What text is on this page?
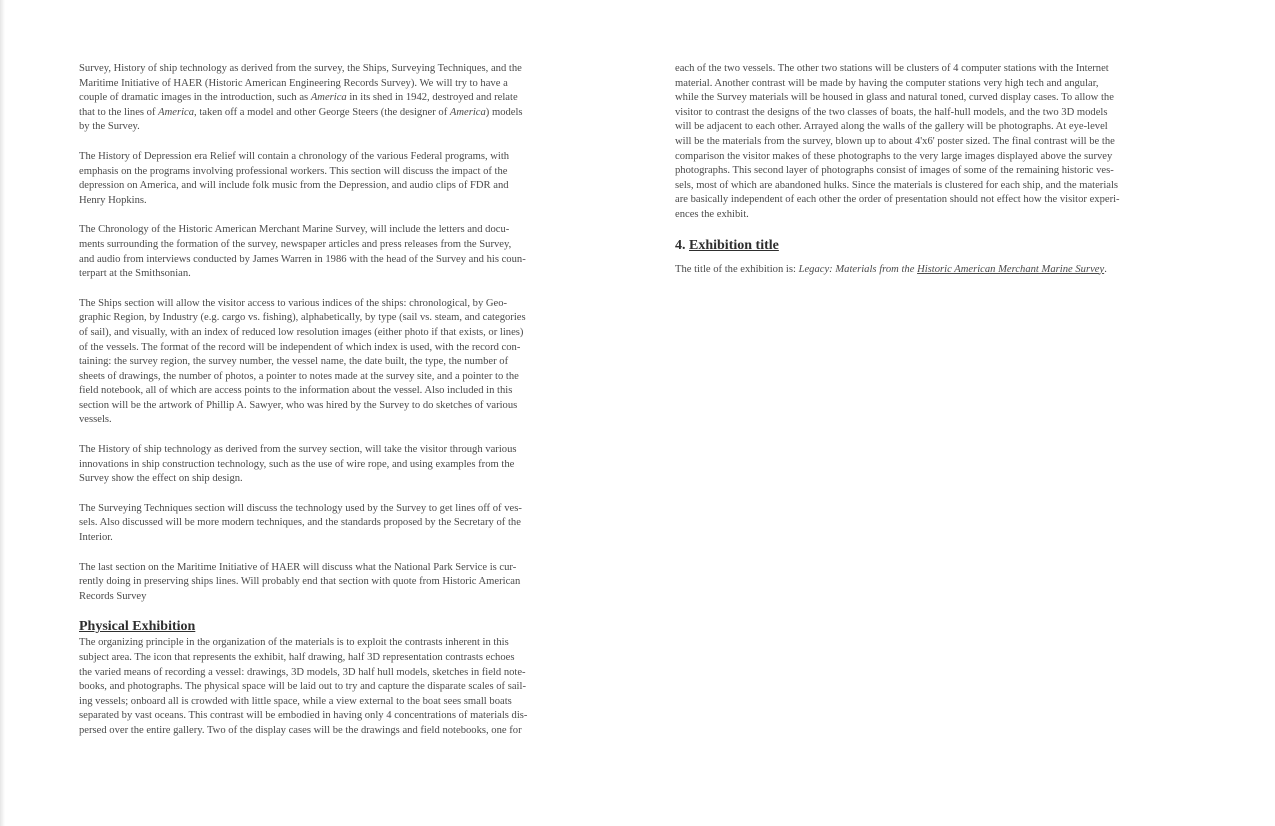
Survey, History of ship technology as derived from the survey, the Ships, Surveying Techniques, and the
Maritime Initiative of HAER (Historic American Engineering Records Survey). We will try to have a
couple of dramatic images in the introduction, such as America in its shed in 1942, destroyed and relate
that to the lines of America, taken off a model and other George Steers (the designer of America) models
by the Survey.

The History of Depression era Relief will contain a chronology of the various Federal programs, with
emphasis on the programs involving professional workers. This section will discuss the impact of the
depression on America, and will include folk music from the Depression, and audio clips of FDR and
Henry Hopkins.

The Chronology of the Historic American Merchant Marine Survey, will include the letters and docu-
ments surrounding the formation of the survey, newspaper articles and press releases from the Survey,
and audio from interviews conducted by James Warren in 1986 with the head of the Survey and his coun-
terpart at the Smithsonian.

The Ships section will allow the visitor access to various indices of the ships: chronological, by Geo-
graphic Region, by Industry (e.g. cargo vs. fishing), alphabetically, by type (sail vs. steam, and categories
of sail), and visually, with an index of reduced low resolution images (either photo if that exists, or lines)
of the vessels. The format of the record will be independent of which index is used, with the record con-
taining: the survey region, the survey number, the vessel name, the date built, the type, the number of
sheets of drawings, the number of photos, a pointer to notes made at the survey site, and a pointer to the
field notebook, all of which are access points to the information about the vessel. Also included in this
section will be the artwork of Phillip A. Sawyer, who was hired by the Survey to do sketches of various
vessels.

The History of ship technology as derived from the survey section, will take the visitor through various
innovations in ship construction technology, such as the use of wire rope, and using examples from the
Survey show the effect on ship design.

The Surveying Techniques section will discuss the technology used by the Survey to get lines off of ves-
sels. Also discussed will be more modern techniques, and the standards proposed by the Secretary of the
Interior.

The last section on the Maritime Initiative of HAER will discuss what the National Park Service is cur-
rently doing in preserving ships lines. Will probably end that section with quote from Historic American
Records Survey

Physical Exhibition

The organizing principle in the organization of the materials is to exploit the contrasts inherent in this
subject area. The icon that represents the exhibit, half drawing, half 3D representation contrasts echoes
the varied means of recording a vessel: drawings, 3D models, 3D half hull models, sketches in field note-
books, and photographs. The physical space will be laid out to try and capture the disparate scales of sail-
ing vessels; onboard all is crowded with little space, while a view external to the boat sees small boats
separated by vast oceans. This contrast will be embodied in having only 4 concentrations of materials dis-
persed over the entire gallery. Two of the display cases will be the drawings and field notebooks, one for

each of the two vessels. The other two stations will be clusters of 4 computer stations with the Internet
material. Another contrast will be made by having the computer stations very high tech and angular,
while the Survey materials will be housed in glass and natural toned, curved display cases. To allow the
visitor to contrast the designs of the two classes of boats, the half-hull models, and the two 3D models
will be adjacent to each other. Arrayed along the walls of the gallery will be photographs. At eye-level
will be the materials from the survey, blown up to about 4'x6' poster sized. The final contrast will be the
comparison the visitor makes of these photographs to the very large images displayed above the survey
photographs. This second layer of photographs consist of images of some of the remaining historic ves-
sels, most of which are abandoned hulks. Since the materials is clustered for each ship, and the materials
are basically independent of each other the order of presentation should not effect how the visitor experi-
ences the exhibit.

4. Exhibition title

The title of the exhibition is: Legacy: Materials from the Historic American Merchant Marine Survey.
